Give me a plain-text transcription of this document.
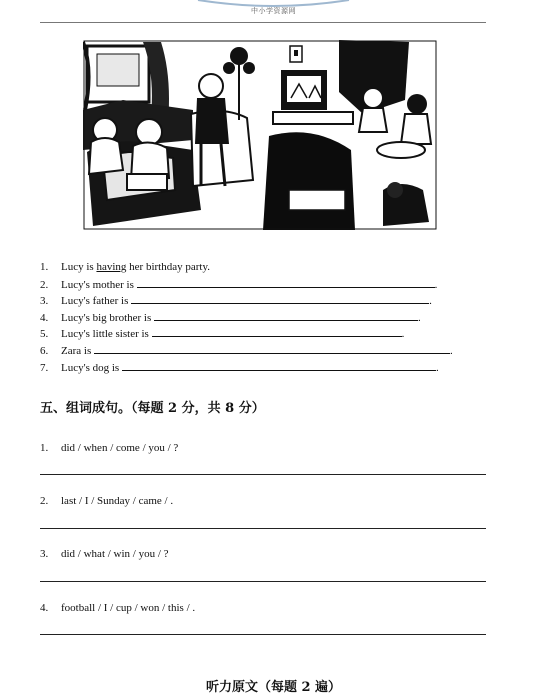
中小学资源网
1. Lucy is having her birthday party.
2. Lucy's mother is	.
3. Lucy's father is	.
4. Lucy's big brother is	.
5. Lucy's little sister is	.
6. Zara is	.
7. Lucy's dog is	.
五、组词成句。（每题 2 分，共 8 分）
1. did / when / come / you / ?
2. last / I / Sunday / came / .
3. did / what / win / you / ?
4. football / I / cup / won / this / .
听力原文（每题 2 遍）
